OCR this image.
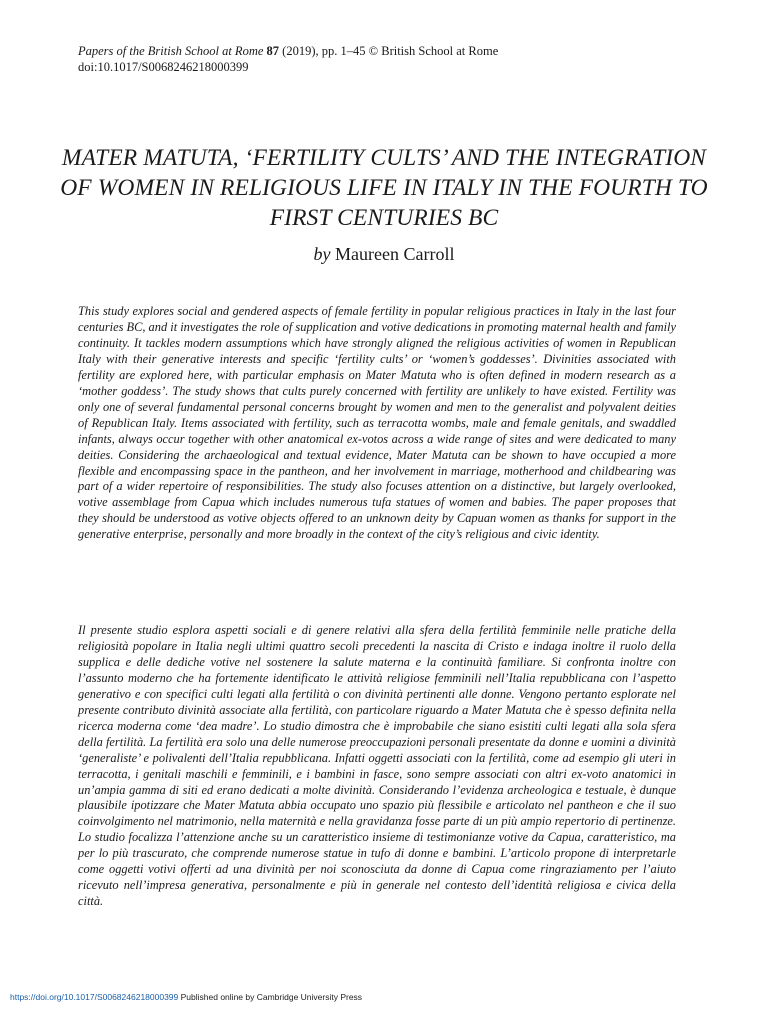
Papers of the British School at Rome 87 (2019), pp. 1–45 © British School at Rome
doi:10.1017/S0068246218000399
MATER MATUTA, ‘FERTILITY CULTS’ AND THE INTEGRATION OF WOMEN IN RELIGIOUS LIFE IN ITALY IN THE FOURTH TO FIRST CENTURIES BC
by Maureen Carroll

This study explores social and gendered aspects of female fertility in popular religious practices in Italy in the last four centuries BC, and it investigates the role of supplication and votive dedications in promoting maternal health and family continuity. It tackles modern assumptions which have strongly aligned the religious activities of women in Republican Italy with their generative interests and specific ‘fertility cults’ or ‘women’s goddesses’. Divinities associated with fertility are explored here, with particular emphasis on Mater Matuta who is often defined in modern research as a ‘mother goddess’. The study shows that cults purely concerned with fertility are unlikely to have existed. Fertility was only one of several fundamental personal concerns brought by women and men to the generalist and polyvalent deities of Republican Italy. Items associated with fertility, such as terracotta wombs, male and female genitals, and swaddled infants, always occur together with other anatomical ex-votos across a wide range of sites and were dedicated to many deities. Considering the archaeological and textual evidence, Mater Matuta can be shown to have occupied a more flexible and encompassing space in the pantheon, and her involvement in marriage, motherhood and childbearing was part of a wider repertoire of responsibilities. The study also focuses attention on a distinctive, but largely overlooked, votive assemblage from Capua which includes numerous tufa statues of women and babies. The paper proposes that they should be understood as votive objects offered to an unknown deity by Capuan women as thanks for support in the generative enterprise, personally and more broadly in the context of the city’s religious and civic identity.

Il presente studio esplora aspetti sociali e di genere relativi alla sfera della fertilità femminile nelle pratiche della religiosità popolare in Italia negli ultimi quattro secoli precedenti la nascita di Cristo e indaga inoltre il ruolo della supplica e delle dediche votive nel sostenere la salute materna e la continuità familiare. Si confronta inoltre con l’assunto moderno che ha fortemente identificato le attività religiose femminili nell’Italia repubblicana con l’aspetto generativo e con specifici culti legati alla fertilità o con divinità pertinenti alle donne. Vengono pertanto esplorate nel presente contributo divinità associate alla fertilità, con particolare riguardo a Mater Matuta che è spesso definita nella ricerca moderna come ‘dea madre’. Lo studio dimostra che è improbabile che siano esistiti culti legati alla sola sfera della fertilità. La fertilità era solo una delle numerose preoccupazioni personali presentate da donne e uomini a divinità ‘generaliste’ e polivalenti dell’Italia repubblicana. Infatti oggetti associati con la fertilità, come ad esempio gli uteri in terracotta, i genitali maschili e femminili, e i bambini in fasce, sono sempre associati con altri ex-voto anatomici in un’ampia gamma di siti ed erano dedicati a molte divinità. Considerando l’evidenza archeologica e testuale, è dunque plausibile ipotizzare che Mater Matuta abbia occupato uno spazio più flessibile e articolato nel pantheon e che il suo coinvolgimento nel matrimonio, nella maternità e nella gravidanza fosse parte di un più ampio repertorio di pertinenze. Lo studio focalizza l’attenzione anche su un caratteristico insieme di testimonianze votive da Capua, caratteristico, ma per lo più trascurato, che comprende numerose statue in tufo di donne e bambini. L’articolo propone di interpretarle come oggetti votivi offerti ad una divinità per noi sconosciuta da donne di Capua come ringraziamento per l’aiuto ricevuto nell’impresa generativa, personalmente e più in generale nel contesto dell’identità religiosa e civica della città.

https://doi.org/10.1017/S0068246218000399 Published online by Cambridge University Press
